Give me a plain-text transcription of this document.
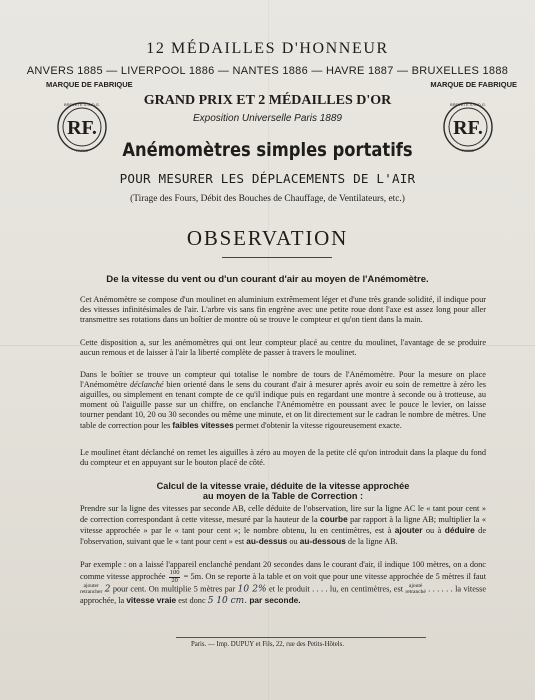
12 MÉDAILLES D'HONNEUR
ANVERS 1885 — LIVERPOOL 1886 — NANTES 1886 — HAVRE 1887 — BRUXELLES 1888
MARQUE DE FABRIQUE	MARQUE DE FABRIQUE
RF.
BREVETÉ S.G.D.G.
PARIS
RF.
BREVETÉ S.G.D.G.
PARIS
GRAND PRIX ET 2 MÉDAILLES D'OR
Exposition Universelle Paris 1889
Anémomètres simples portatifs
POUR MESURER LES DÉPLACEMENTS DE L'AIR
(Tirage des Fours, Débit des Bouches de Chauffage, de Ventilateurs, etc.)
OBSERVATION
De la vitesse du vent ou d'un courant d'air au moyen de l'Anémomètre.
Cet Anémomètre se compose d'un moulinet en aluminium extrêmement léger et d'une très grande solidité, il indique pour des vitesses infinitésimales de l'air. L'arbre vis sans fin engrène avec une petite roue dont l'axe est assez long pour aller transmettre ses rotations dans un boîtier de montre où se trouve le compteur et qu'on tient dans la main.
Cette disposition a, sur les anémomètres qui ont leur compteur placé au centre du moulinet, l'avantage de se produire aucun remous et de laisser à l'air la liberté complète de passer à travers le moulinet.
Dans le boîtier se trouve un compteur qui totalise le nombre de tours de l'Anémomètre. Pour la mesure on place l'Anémomètre déclanché bien orienté dans le sens du courant d'air à mesurer après avoir eu soin de remettre à zéro les aiguilles, ou simplement en tenant compte de ce qu'il indique puis en regardant une montre à seconde ou à trotteuse, au moment où l'aiguille passe sur un chiffre, on enclanche l'Anémomètre en poussant avec le pouce le levier, on laisse tourner pendant 10, 20 ou 30 secondes ou même une minute, et on lit directement sur le cadran le nombre de mètres. Une table de correction pour les faibles vitesses permet d'obtenir la vitesse rigoureusement exacte.
Le moulinet étant déclanché on remet les aiguilles à zéro au moyen de la petite clé qu'on introduit dans la plaque du fond du compteur et en appuyant sur le bouton placé de côté.
Calcul de la vitesse vraie, déduite de la vitesse approchée
au moyen de la Table de Correction :
Prendre sur la ligne des vitesses par seconde AB, celle déduite de l'observation, lire sur la ligne AC le « tant pour cent » de correction correspondant à cette vitesse, mesuré par la hauteur de la courbe par rapport à la ligne AB; multiplier la « vitesse approchée » par le « tant pour cent »; le nombre obtenu, lu en centimètres, est à ajouter ou à déduire de l'observation, suivant que le « tant pour cent » est au-dessus ou au-dessous de la ligne AB.
Par exemple : on a laissé l'appareil enclanché pendant 20 secondes dans le courant d'air, il indique 100 mètres, on a donc comme vitesse approchée $\frac{100}{20} = 5m$. On se reporte à la table et on voit que pour une vitesse approchée de 5 mètres il faut
ajouter
retrancher 2 pour cent. On multiplie 5 mètres par 10 2% et le produit . . . . lu, en centimètres, est ajouté
retranché . . . . . . la vitesse approchée, la vitesse vraie est donc 5 10 cm. par seconde.
Paris. — Imp. DUPUY et Fils, 22, rue des Petits-Hôtels.
